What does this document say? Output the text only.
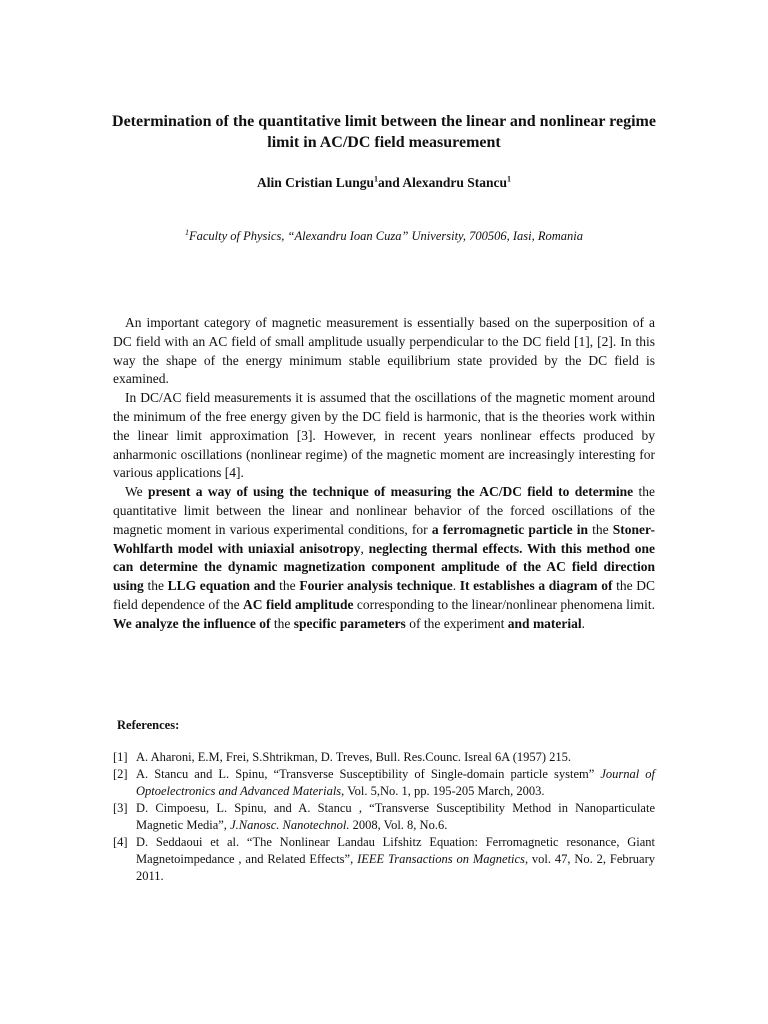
Determination of the quantitative limit between the linear and nonlinear regime limit in AC/DC field measurement
Alin Cristian Lungu$^1$and Alexandru Stancu$^1$
$^1$Faculty of Physics, “Alexandru Ioan Cuza” University, 700506, Iasi, Romania

An important category of magnetic measurement is essentially based on the superposition of a DC field with an AC field of small amplitude usually perpendicular to the DC field [1], [2]. In this way the shape of the energy minimum stable equilibrium state provided by the DC field is examined.

In DC/AC field measurements it is assumed that the oscillations of the magnetic moment around the minimum of the free energy given by the DC field is harmonic, that is the theories work within the linear limit approximation [3]. However, in recent years nonlinear effects produced by anharmonic oscillations (nonlinear regime) of the magnetic moment are increasingly interesting for various applications [4].

We present a way of using the technique of measuring the AC/DC field to determine the quantitative limit between the linear and nonlinear behavior of the forced oscillations of the magnetic moment in various experimental conditions, for a ferromagnetic particle in the Stoner-Wohlfarth model with uniaxial anisotropy, neglecting thermal effects. With this method one can determine the dynamic magnetization component amplitude of the AC field direction using the LLG equation and the Fourier analysis technique. It establishes a diagram of the DC field dependence of the AC field amplitude corresponding to the linear/nonlinear phenomena limit. We analyze the influence of the specific parameters of the experiment and material.

References:
[1] A. Aharoni, E.M, Frei, S.Shtrikman, D. Treves, Bull. Res.Counc. Isreal 6A (1957) 215.
[2] A. Stancu and L. Spinu, “Transverse Susceptibility of Single-domain particle system” Journal of Optoelectronics and Advanced Materials, Vol. 5,No. 1, pp. 195-205 March, 2003.
[3] D. Cimpoesu, L. Spinu, and A. Stancu , “Transverse Susceptibility Method in Nanoparticulate Magnetic Media”, J.Nanosc. Nanotechnol. 2008, Vol. 8, No.6.
[4] D. Seddaoui et al. “The Nonlinear Landau Lifshitz Equation: Ferromagnetic resonance, Giant Magnetoimpedance , and Related Effects”, IEEE Transactions on Magnetics, vol. 47, No. 2, February 2011.
